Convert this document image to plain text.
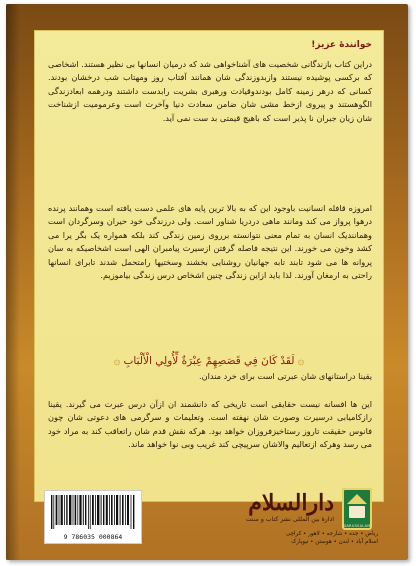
خوانندهٔ عزیز!

دراین کتاب بازندگانی شخصیت های آشناخواهی شد که درمیان انسانها بی نظیر هستند. اشخاصی که برکسی پوشیده نیستند وازبدوزندگی شان همانند آفتاب روز ومهتاب شب درخشان بودند. کسانی که درهر زمینه کامل بودندوقیادت ورهبری بشریت رابدست داشتند ودرهمه ابعادزندگی الگوهستند و پیروی ازخط مشی شان ضامن سعادت دنیا وآخرت است وعرمومیت ازشناخت شان زیان جبران نا پذیر است که باهیچ قیمتی بد ست نمی آید.

امروزه قافله انسانیت باوجود این که به بالا ترین پایه های علمی دست یافته است وهمانند پرنده درهوا پرواز می کند ومانند ماهی دردریا شناور است. ولی درزندگی خود حیران وسرگردان است وهمانندیک انسان به تمام معنی نتوانسته برروی زمین زندگی کند بلکه همواره یک بگر یرا می کشد وخون می خورند. این نتیجه فاصله گرفتن ازسیرت پیامبران الهی است اشخاصیکه به سان پروانه ها می شود تابند تابه جهانیان روشنایی بخشند وسختیها رامتحمل شدند تابرای انسانها راحتی به ارمغان آورند. لذا باید ازاین زندگی چنین اشخاص درس زندگی بیاموزیم.

۞ لَقَدْ كَانَ فِي قَصَصِهِمْ عِبْرَةٌ لِّأُولِي الْأَلْبَابِ ۞

یقینا دراستانهای شان عبرتی است برای خرد مندان.

این ها افسانه نیست حقایقی است تاریخی که دانشمند ان ازآن درس عبرت می گیرند. یقینا رازکامیابی درسیرت وصورت شان نهفته است. وتعلیمات و سرگرمی های دعوتی شان چون فانوس حقیقت تاروز رستاخیزفروزان خواهد بود. هرکه نقش قدم شان راتعاقب کند به مراد خود می رسد وهرکه ازتعالیم والاشان سرپیچی کند غریب وبی نوا خواهد ماند.

9 786035 000864
دارالسلام
ادارهٔ بین المللی نشر کتاب و سنت
DARUSSALAM
ریاض • جده • شارجه • لاهور • کراچی
اسلام آباد • لندن • هوستن • نیویارک
